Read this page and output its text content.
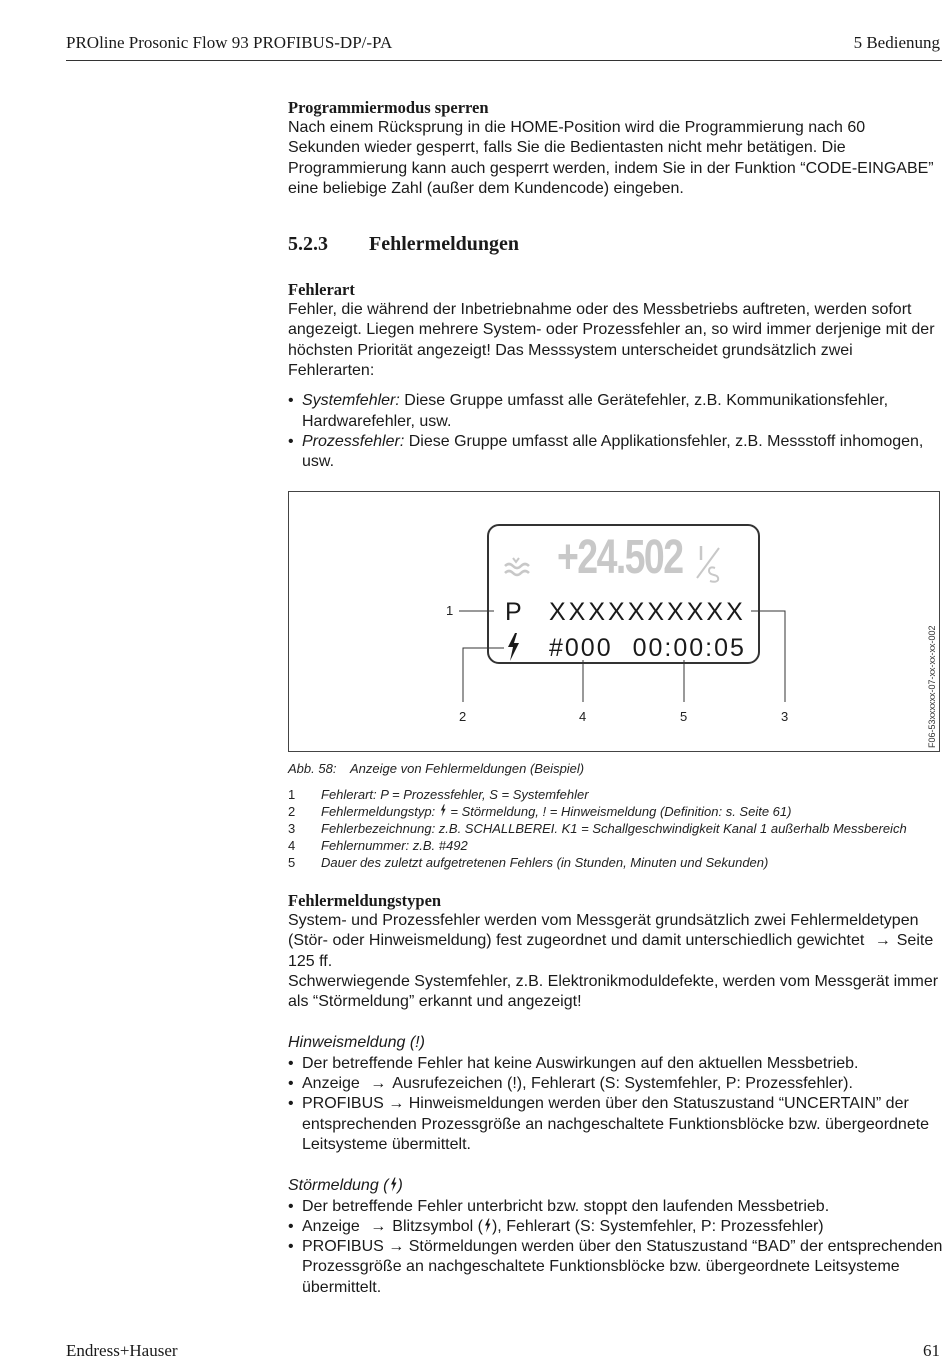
PROline Prosonic Flow 93 PROFIBUS-DP/-PA	5 Bedienung
Programmiermodus sperren

Nach einem Rücksprung in die HOME-Position wird die Programmierung nach 60 Sekunden wieder gesperrt, falls Sie die Bedientasten nicht mehr betätigen. Die Programmierung kann auch gesperrt werden, indem Sie in der Funktion “CODE-EINGABE” eine beliebige Zahl (außer dem Kundencode) eingeben.

5.2.3 Fehlermeldungen
Fehlerart

Fehler, die während der Inbetriebnahme oder des Messbetriebs auftreten, werden sofort angezeigt. Liegen mehrere System- oder Prozessfehler an, so wird immer derjenige mit der höchsten Priorität angezeigt! Das Messsystem unterscheidet grundsätzlich zwei Fehlerarten:

• Systemfehler: Diese Gruppe umfasst alle Gerätefehler, z.B. Kommunikationsfehler, Hardwarefehler, usw.
• Prozessfehler: Diese Gruppe umfasst alle Applikationsfehler, z.B. Messstoff inhomogen, usw.
+24.502
P XXXXXXXXXX
#000 00:00:05
1
2	4	5	3	F06-53xxxxxx-07-xx-xx-xx-002
Abb. 58: Anzeige von Fehlermeldungen (Beispiel)
1 Fehlerart: P = Prozessfehler, S = Systemfehler
2 Fehlermeldungstyp:  = Störmeldung, ! = Hinweismeldung (Definition: s. Seite 61)
3 Fehlerbezeichnung: z.B. SCHALLBEREI. K1 = Schallgeschwindigkeit Kanal 1 außerhalb Messbereich
4 Fehlernummer: z.B. #492
5 Dauer des zuletzt aufgetretenen Fehlers (in Stunden, Minuten und Sekunden)
Fehlermeldungstypen

System- und Prozessfehler werden vom Messgerät grundsätzlich zwei Fehlermeldetypen (Stör- oder Hinweismeldung) fest zugeordnet und damit unterschiedlich gewichtet → Seite 125 ff.

Schwerwiegende Systemfehler, z.B. Elektronikmoduldefekte, werden vom Messgerät immer als “Störmeldung” erkannt und angezeigt!

Hinweismeldung (!)

• Der betreffende Fehler hat keine Auswirkungen auf den aktuellen Messbetrieb.
• Anzeige → Ausrufezeichen (!), Fehlerart (S: Systemfehler, P: Prozessfehler).
• PROFIBUS → Hinweismeldungen werden über den Statuszustand “UNCERTAIN” der entsprechenden Prozessgröße an nachgeschaltete Funktionsblöcke bzw. übergeordnete Leitsysteme übermittelt.

Störmeldung ( )

• Der betreffende Fehler unterbricht bzw. stoppt den laufenden Messbetrieb.
• Anzeige → Blitzsymbol ( ), Fehlerart (S: Systemfehler, P: Prozessfehler)
• PROFIBUS → Störmeldungen werden über den Statuszustand “BAD” der entsprechenden Prozessgröße an nachgeschaltete Funktionsblöcke bzw. übergeordnete Leitsysteme übermittelt.
Endress+Hauser	61
